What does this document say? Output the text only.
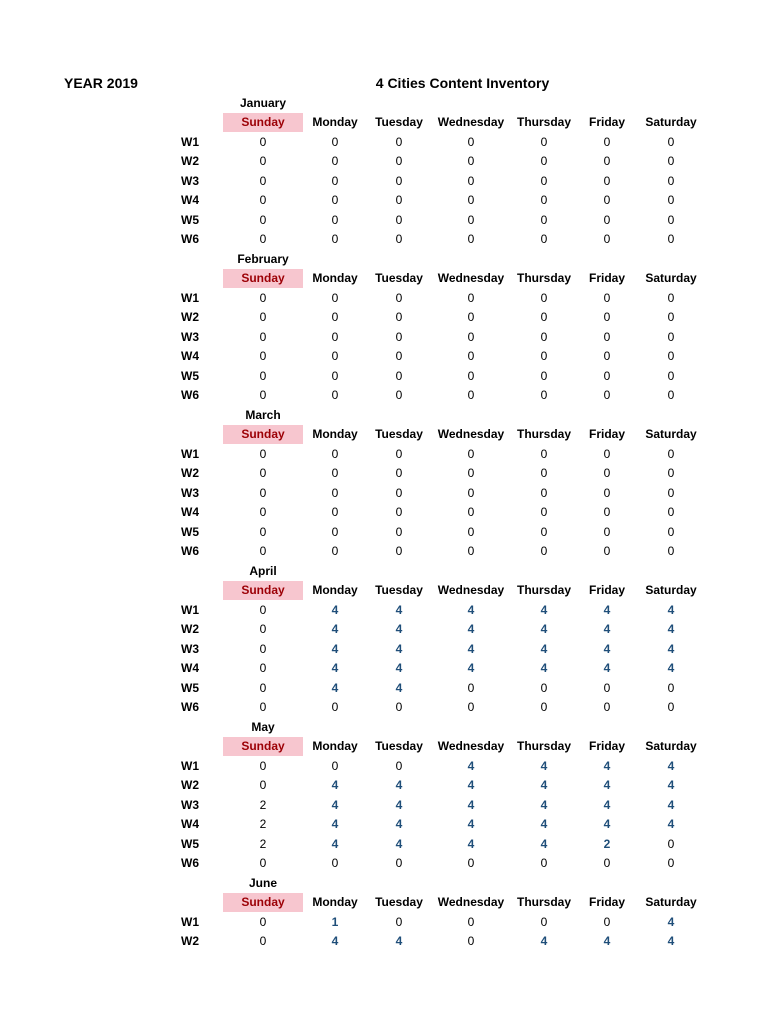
YEAR 2019	4 Cities Content Inventory
January
Sunday	Monday	Tuesday	Wednesday	Thursday	Friday	Saturday
W1	0	0	0	0	0	0	0
W2	0	0	0	0	0	0	0
W3	0	0	0	0	0	0	0
W4	0	0	0	0	0	0	0
W5	0	0	0	0	0	0	0
W6	0	0	0	0	0	0	0
February
Sunday	Monday	Tuesday	Wednesday	Thursday	Friday	Saturday
W1	0	0	0	0	0	0	0
W2	0	0	0	0	0	0	0
W3	0	0	0	0	0	0	0
W4	0	0	0	0	0	0	0
W5	0	0	0	0	0	0	0
W6	0	0	0	0	0	0	0
March
Sunday	Monday	Tuesday	Wednesday	Thursday	Friday	Saturday
W1	0	0	0	0	0	0	0
W2	0	0	0	0	0	0	0
W3	0	0	0	0	0	0	0
W4	0	0	0	0	0	0	0
W5	0	0	0	0	0	0	0
W6	0	0	0	0	0	0	0
April
Sunday	Monday	Tuesday	Wednesday	Thursday	Friday	Saturday
W1	0	4	4	4	4	4	4
W2	0	4	4	4	4	4	4
W3	0	4	4	4	4	4	4
W4	0	4	4	4	4	4	4
W5	0	4	4	0	0	0	0
W6	0	0	0	0	0	0	0
May
Sunday	Monday	Tuesday	Wednesday	Thursday	Friday	Saturday
W1	0	0	0	4	4	4	4
W2	0	4	4	4	4	4	4
W3	2	4	4	4	4	4	4
W4	2	4	4	4	4	4	4
W5	2	4	4	4	4	2	0
W6	0	0	0	0	0	0	0
June
Sunday	Monday	Tuesday	Wednesday	Thursday	Friday	Saturday
W1	0	1	0	0	0	0	4
W2	0	4	4	0	4	4	4
